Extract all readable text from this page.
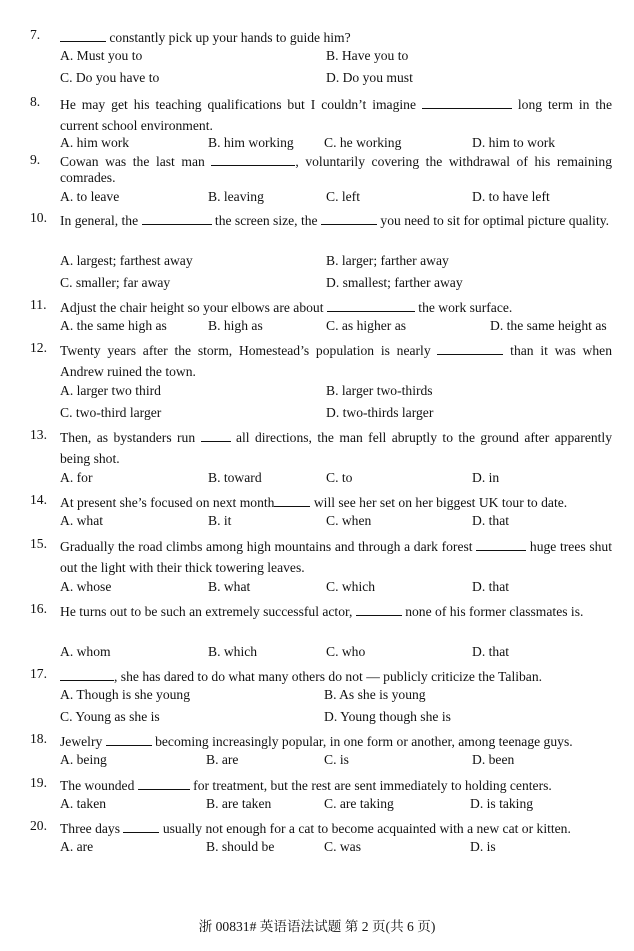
7.	constantly pick up your hands to guide him?
A. Must you to	B. Have you to
C. Do you have to	D. Do you must
8. He may get his teaching qualifications but I couldn’t imagine	long term in the current school environment.
A. him work	B. him working C. he working	D. him to work
9. Cowan was the last man	, voluntarily covering the withdrawal of his remaining comrades.
A. to leave	B. leaving	C. left	D. to have left
10. In general, the	the screen size, the	you need to sit for optimal picture quality.
A. largest; farthest away	B. larger; farther away
C. smaller; far away	D. smallest; farther away
11. Adjust the chair height so your elbows are about	the work surface.
A. the same high as	B. high as	C. as higher as	D. the same height as
12. Twenty years after the storm, Homestead’s population is nearly	than it was when Andrew ruined the town.
A. larger two third	B. larger two-thirds
C. two-third larger	D. two-thirds larger
13. Then, as bystanders run  all directions, the man fell abruptly to the ground after apparently being shot.
A. for	B. toward	C. to	D. in
14. At present she’s focused on next month	will see her set on her biggest UK tour to date.
A. what	B. it	C. when	D. that
15. Gradually the road climbs among high mountains and through a dark forest	huge trees shut out the light with their thick towering leaves.
A. whose	B. what	C. which	D. that
16. He turns out to be such an extremely successful actor,	none of his former classmates is.
A. whom	B. which	C. who	D. that
17.	, she has dared to do what many others do not — publicly criticize the Taliban.
A. Though is she young	B. As she is young
C. Young as she is	D. Young though she is
18. Jewelry	becoming increasingly popular, in one form or another, among teenage guys.
A. being	B. are	C. is	D. been
19. The wounded	for treatment, but the rest are sent immediately to holding centers.
A. taken	B. are taken	C. are taking	D. is taking
20. Three days	usually not enough for a cat to become acquainted with a new cat or kitten.
A. are	B. should be	C. was	D. is
浙 00831# 英语语法试题 第 2 页(共 6 页)
